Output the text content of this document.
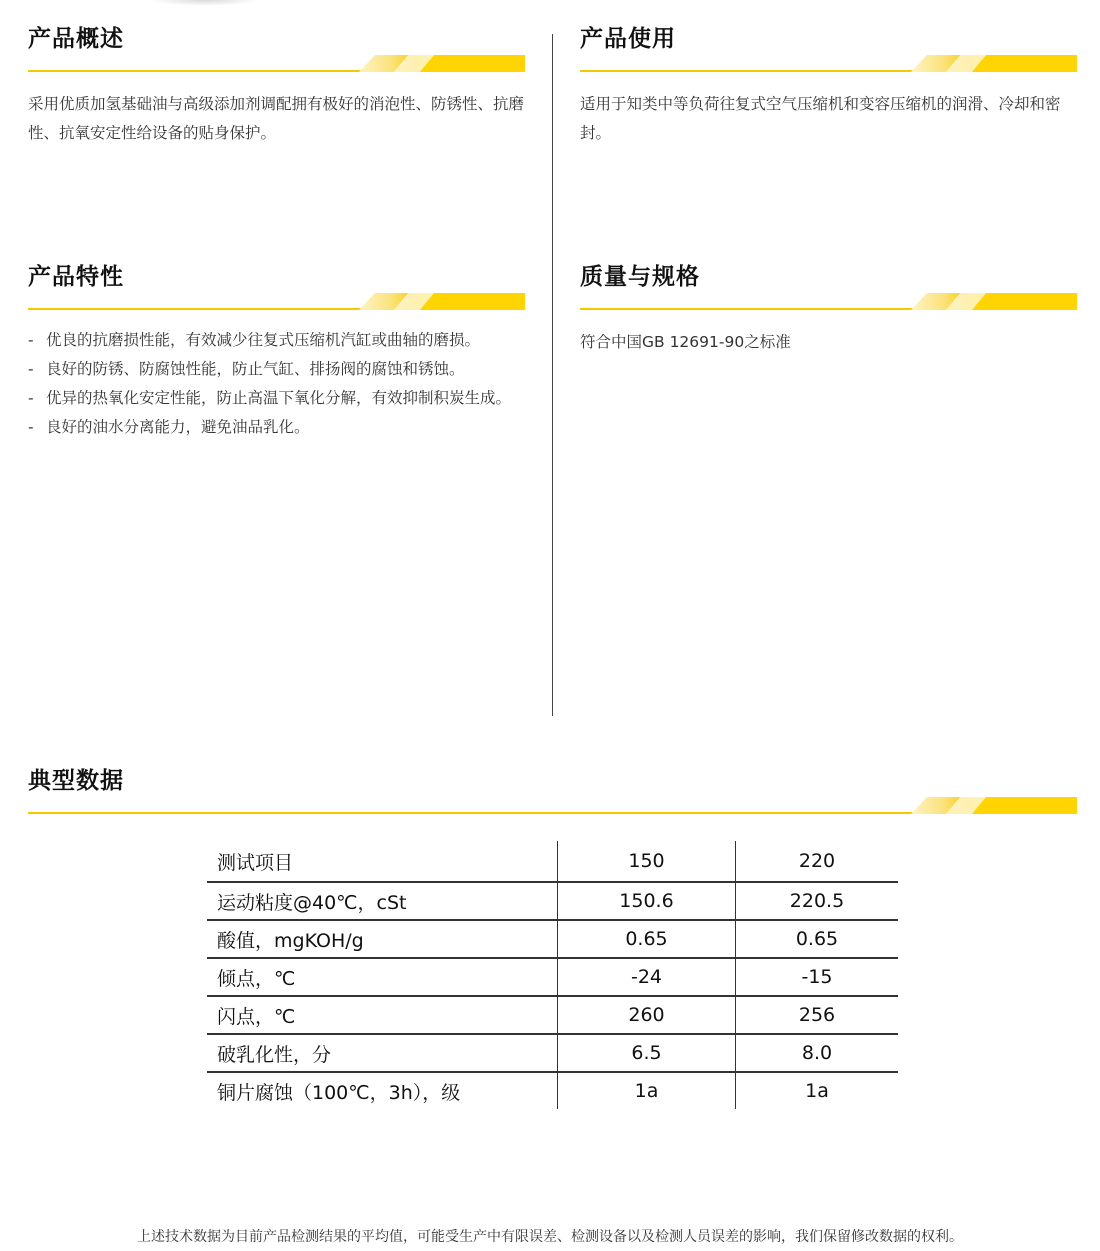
产品概述
采用优质加氢基础油与高级添加剂调配拥有极好的消泡性、防锈性、抗磨性、抗氧安定性给设备的贴身保护。
产品使用
适用于知类中等负荷往复式空气压缩机和变容压缩机的润滑、冷却和密封。
产品特性
- 优良的抗磨损性能，有效减少往复式压缩机汽缸或曲轴的磨损。
- 良好的防锈、防腐蚀性能，防止气缸、排扬阀的腐蚀和锈蚀。
- 优异的热氧化安定性能，防止高温下氧化分解，有效抑制积炭生成。
- 良好的油水分离能力，避免油品乳化。
质量与规格
符合中国GB 12691-90之标准
典型数据
测试项目	150	220
运动粘度@40℃，cSt	150.6	220.5
酸值，mgKOH/g	0.65	0.65
倾点，℃	-24	-15
闪点，℃	260	256
破乳化性，分	6.5	8.0
铜片腐蚀（100℃，3h），级	1a	1a
上述技术数据为目前产品检测结果的平均值，可能受生产中有限误差、检测设备以及检测人员误差的影响，我们保留修改数据的权利。
